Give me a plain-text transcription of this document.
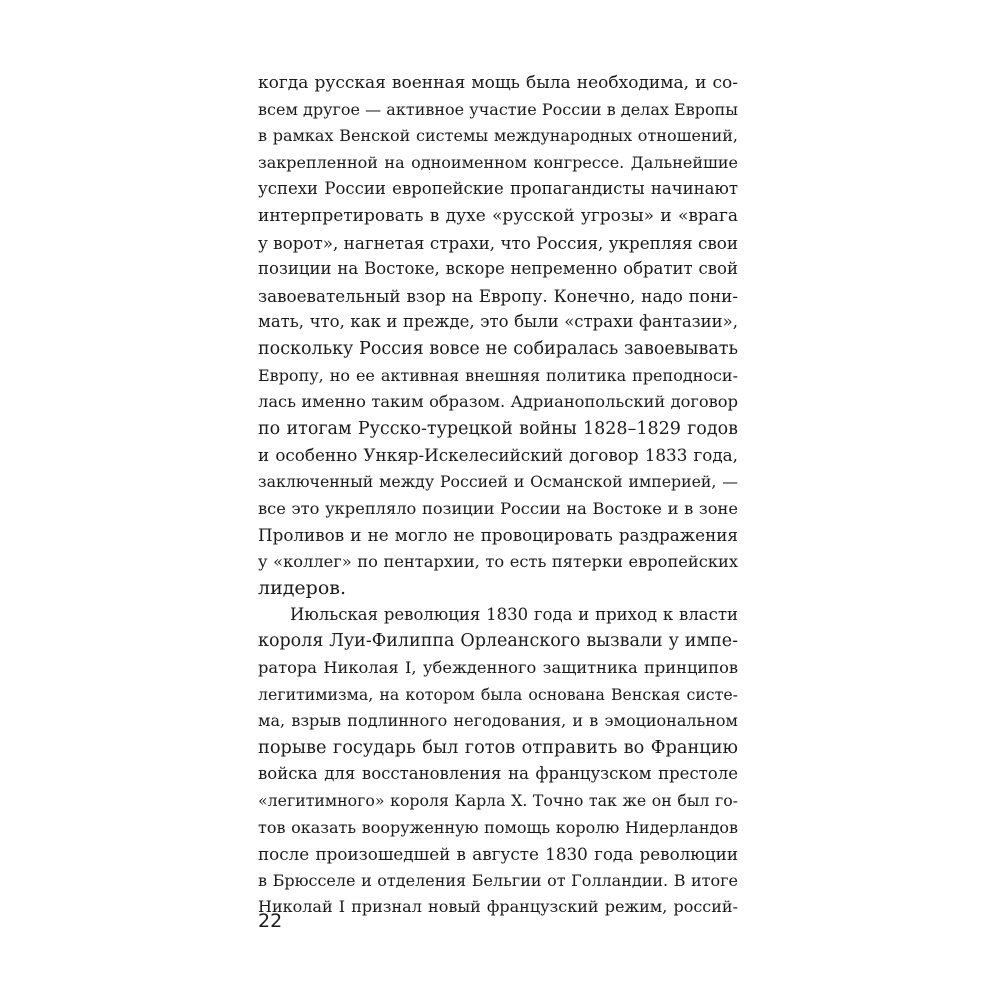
когда русская военная мощь была необходима, и со-
всем другое — активное участие России в делах Европы
в рамках Венской системы международных отношений,
закрепленной на одноименном конгрессе. Дальнейшие
успехи России европейские пропагандисты начинают
интерпретировать в духе «русской угрозы» и «врага
у ворот», нагнетая страхи, что Россия, укрепляя свои
позиции на Востоке, вскоре непременно обратит свой
завоевательный взор на Европу. Конечно, надо пони-
мать, что, как и прежде, это были «страхи фантазии»,
поскольку Россия вовсе не собиралась завоевывать
Европу, но ее активная внешняя политика преподноси-
лась именно таким образом. Адрианопольский договор
по итогам Русско-турецкой войны 1828–1829 годов
и особенно Ункяр-Искелесийский договор 1833 года,
заключенный между Россией и Османской империей, —
все это укрепляло позиции России на Востоке и в зоне
Проливов и не могло не провоцировать раздражения
у «коллег» по пентархии, то есть пятерки европейских
лидеров.
Июльская революция 1830 года и приход к власти
короля Луи-Филиппа Орлеанского вызвали у импе-
ратора Николая I, убежденного защитника принципов
легитимизма, на котором была основана Венская систе-
ма, взрыв подлинного негодования, и в эмоциональном
порыве государь был готов отправить во Францию
войска для восстановления на французском престоле
«легитимного» короля Карла X. Точно так же он был го-
тов оказать вооруженную помощь королю Нидерландов
после произошедшей в августе 1830 года революции
в Брюсселе и отделения Бельгии от Голландии. В итоге
Николай I признал новый французский режим, россий-
22
